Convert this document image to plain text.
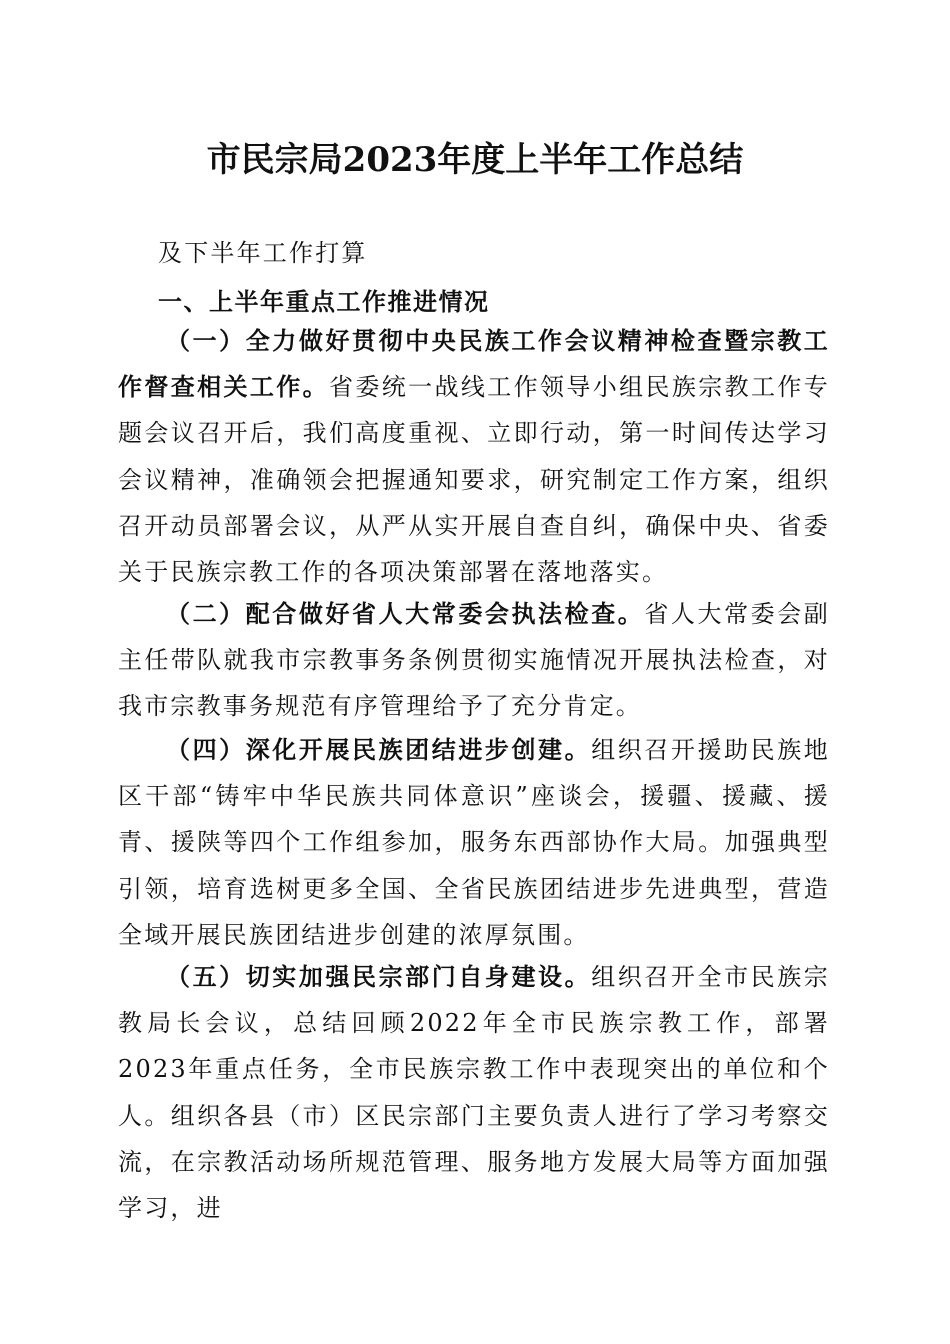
市民宗局2023年度上半年工作总结

及下半年工作打算

一、上半年重点工作推进情况

（一）全力做好贯彻中央民族工作会议精神检查暨宗教工作督查相关工作。省委统一战线工作领导小组民族宗教工作专题会议召开后，我们高度重视、立即行动，第一时间传达学习会议精神，准确领会把握通知要求，研究制定工作方案，组织召开动员部署会议，从严从实开展自查自纠，确保中央、省委关于民族宗教工作的各项决策部署在落地落实。

（二）配合做好省人大常委会执法检查。省人大常委会副主任带队就我市宗教事务条例贯彻实施情况开展执法检查，对我市宗教事务规范有序管理给予了充分肯定。

（四）深化开展民族团结进步创建。组织召开援助民族地区干部“铸牢中华民族共同体意识”座谈会，援疆、援藏、援青、援陕等四个工作组参加，服务东西部协作大局。加强典型引领，培育选树更多全国、全省民族团结进步先进典型，营造全域开展民族团结进步创建的浓厚氛围。

（五）切实加强民宗部门自身建设。组织召开全市民族宗教局长会议，总结回顾2022年全市民族宗教工作，部署2023年重点任务，全市民族宗教工作中表现突出的单位和个人。组织各县（市）区民宗部门主要负责人进行了学习考察交流，在宗教活动场所规范管理、服务地方发展大局等方面加强学习，进
